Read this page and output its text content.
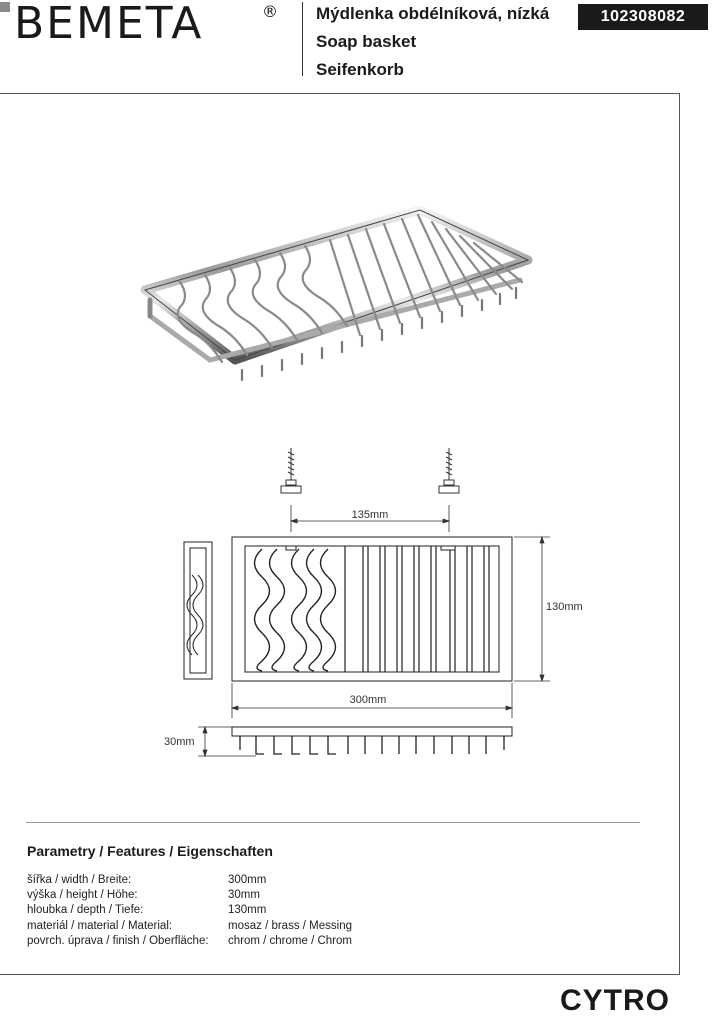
BEMETA	® Mýdlenka obdélníková, nízká
Soap basket
Seifenkorb
102308082
135mm
130mm
300mm
30mm
Parametry / Features / Eigenschaften
šířka / width / Breite:	300mm
výška / height / Höhe:	30mm
hloubka / depth / Tiefe:	130mm
materiál / material / Material:	mosaz / brass / Messing
povrch. úprava / finish / Oberfläche:	chrom / chrome / Chrom
CYTRO
